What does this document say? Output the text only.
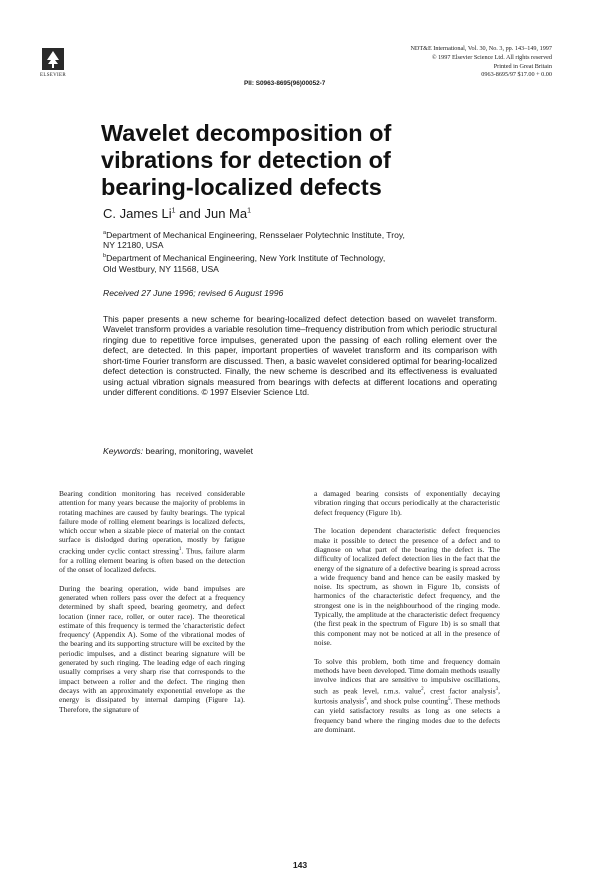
ELSEVIER
PII: S0963-8695(96)00052-7
NDT&E International, Vol. 30, No. 3, pp. 143–149, 1997
© 1997 Elsevier Science Ltd. All rights reserved
Printed in Great Britain
0963-8695/97 $17.00 + 0.00
Wavelet decomposition of
vibrations for detection of
bearing-localized defects
C. James Li$^1$ and Jun Ma$^1$
$^a$Department of Mechanical Engineering, Rensselaer Polytechnic Institute, Troy,
NY 12180, USA
$^b$Department of Mechanical Engineering, New York Institute of Technology,
Old Westbury, NY 11568, USA
Received 27 June 1996; revised 6 August 1996
This paper presents a new scheme for bearing-localized defect detection based on wavelet transform. Wavelet transform provides a variable resolution time–frequency distribution from which periodic structural ringing due to repetitive force impulses, generated upon the passing of each rolling element over the defect, are detected. In this paper, important properties of wavelet transform and its comparison with short-time Fourier transform are discussed. Then, a basic wavelet considered optimal for bearing-localized defect detection is constructed. Finally, the new scheme is described and its effectiveness is evaluated using actual vibration signals measured from bearings with defects at different locations and operating under different conditions. © 1997 Elsevier Science Ltd.
Keywords: bearing, monitoring, wavelet

Bearing condition monitoring has received considerable attention for many years because the majority of problems in rotating machines are caused by faulty bearings. The typical failure mode of rolling element bearings is localized defects, which occur when a sizable piece of material on the contact surface is dislodged during operation, mostly by fatigue cracking under cyclic contact stressing$^1$. Thus, failure alarm for a rolling element bearing is often based on the detection of the onset of localized defects.

During the bearing operation, wide band impulses are generated when rollers pass over the defect at a frequency determined by shaft speed, bearing geometry, and defect location (inner race, roller, or outer race). The theoretical estimate of this frequency is termed the 'characteristic defect frequency' (Appendix A). Some of the vibrational modes of the bearing and its supporting structure will be excited by the periodic impulses, and a distinct bearing signature will be generated by such ringing. The leading edge of each ringing usually comprises a very sharp rise that corresponds to the impact between a roller and the defect. The ringing then decays with an approximately exponential envelope as the energy is dissipated by internal damping (Figure 1a). Therefore, the signature of

a damaged bearing consists of exponentially decaying vibration ringing that occurs periodically at the characteristic defect frequency (Figure 1b).

The location dependent characteristic defect frequencies make it possible to detect the presence of a defect and to diagnose on what part of the bearing the defect is. The difficulty of localized defect detection lies in the fact that the energy of the signature of a defective bearing is spread across a wide frequency band and hence can be easily masked by noise. Its spectrum, as shown in Figure 1b, consists of harmonics of the characteristic defect frequency, and the strongest one is in the neighbourhood of the ringing mode. Typically, the amplitude at the characteristic defect frequency (the first peak in the spectrum of Figure 1b) is so small that this component may not be noticed at all in the presence of noise.

To solve this problem, both time and frequency domain methods have been developed. Time domain methods usually involve indices that are sensitive to impulsive oscillations, such as peak level, r.m.s. value$^2$, crest factor analysis$^3$, kurtosis analysis$^4$, and shock pulse counting$^5$. These methods can yield satisfactory results as long as one selects a frequency band where the ringing modes due to the defects are dominant.

143
